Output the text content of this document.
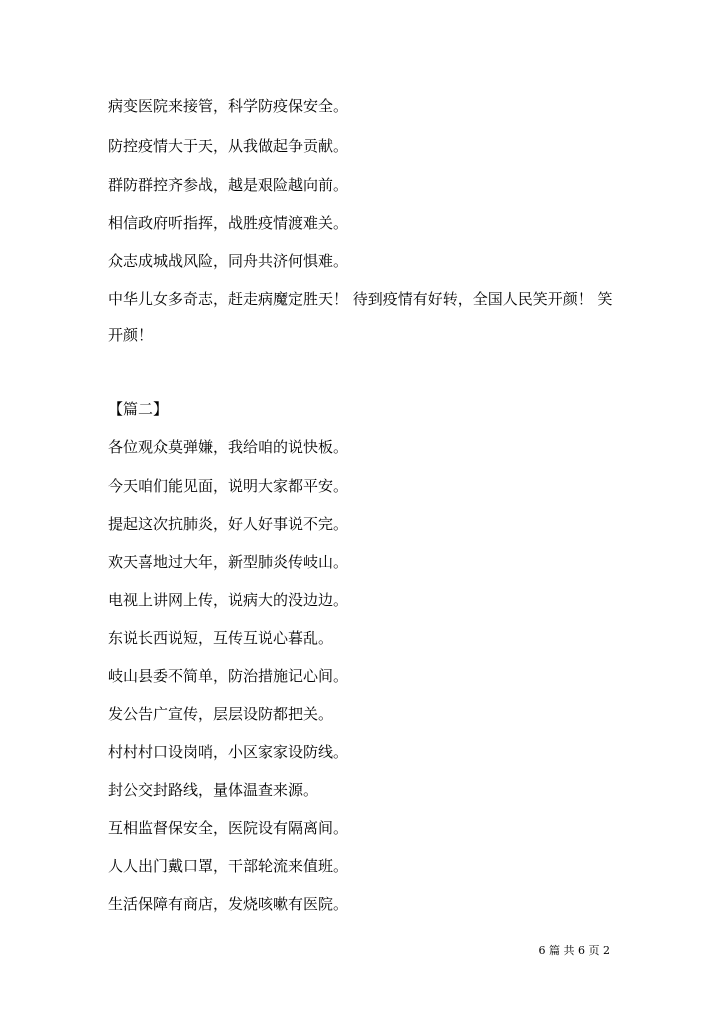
病变医院来接管，科学防疫保安全。
防控疫情大于天，从我做起争贡献。
群防群控齐参战，越是艰险越向前。
相信政府听指挥，战胜疫情渡难关。
众志成城战风险，同舟共济何惧难。
中华儿女多奇志，赶走病魔定胜天！ 待到疫情有好转，全国人民笑开颜！ 笑开颜！
【篇二】
各位观众莫弹嫌，我给咱的说快板。
今天咱们能见面，说明大家都平安。
提起这次抗肺炎，好人好事说不完。
欢天喜地过大年，新型肺炎传岐山。
电视上讲网上传，说病大的没边边。
东说长西说短，互传互说心暮乱。
岐山县委不简单，防治措施记心间。
发公告广宣传，层层设防都把关。
村村村口设岗哨，小区家家设防线。
封公交封路线，量体温查来源。
互相监督保安全，医院设有隔离间。
人人出门戴口罩，干部轮流来值班。
生活保障有商店，发烧咳嗽有医院。
6 篇 共 6 页 2
